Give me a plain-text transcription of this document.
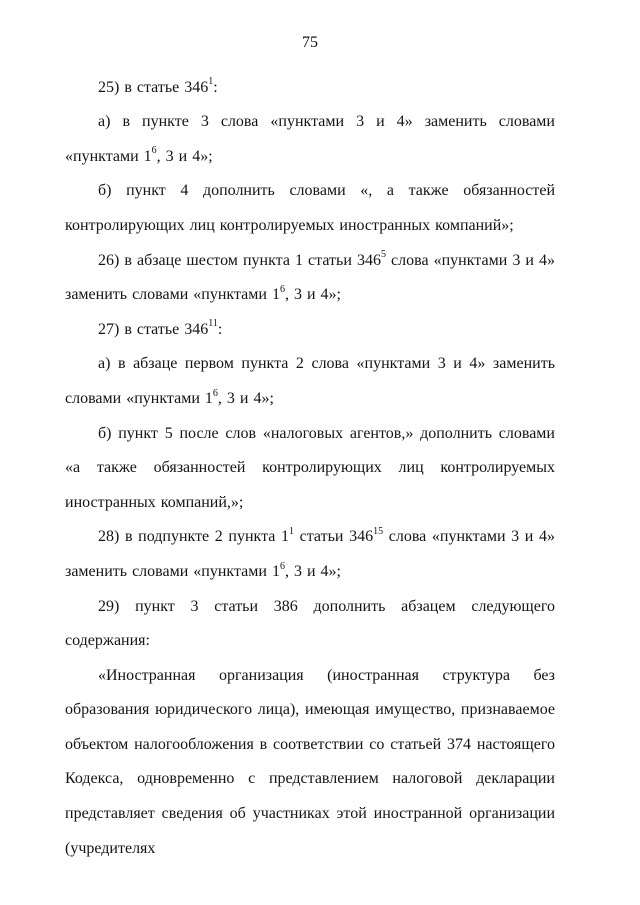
75

25) в статье $346^1$:

а) в пункте 3 слова «пунктами 3 и 4» заменить словами «пунктами $1^6$, 3 и 4»;

б) пункт 4 дополнить словами «, а также обязанностей контролирующих лиц контролируемых иностранных компаний»;

26) в абзаце шестом пункта 1 статьи $346^5$ слова «пунктами 3 и 4» заменить словами «пунктами $1^6$, 3 и 4»;

27) в статье $346^{11}$:

а) в абзаце первом пункта 2 слова «пунктами 3 и 4» заменить словами «пунктами $1^6$, 3 и 4»;

б) пункт 5 после слов «налоговых агентов,» дополнить словами «а также обязанностей контролирующих лиц контролируемых иностранных компаний,»;

28) в подпункте 2 пункта $1^1$ статьи $346^{15}$ слова «пунктами 3 и 4» заменить словами «пунктами $1^6$, 3 и 4»;

29) пункт 3 статьи 386 дополнить абзацем следующего содержания:

«Иностранная организация (иностранная структура без образования юридического лица), имеющая имущество, признаваемое объектом налогообложения в соответствии со статьей 374 настоящего Кодекса, одновременно с представлением налоговой декларации представляет сведения об участниках этой иностранной организации (учредителях
